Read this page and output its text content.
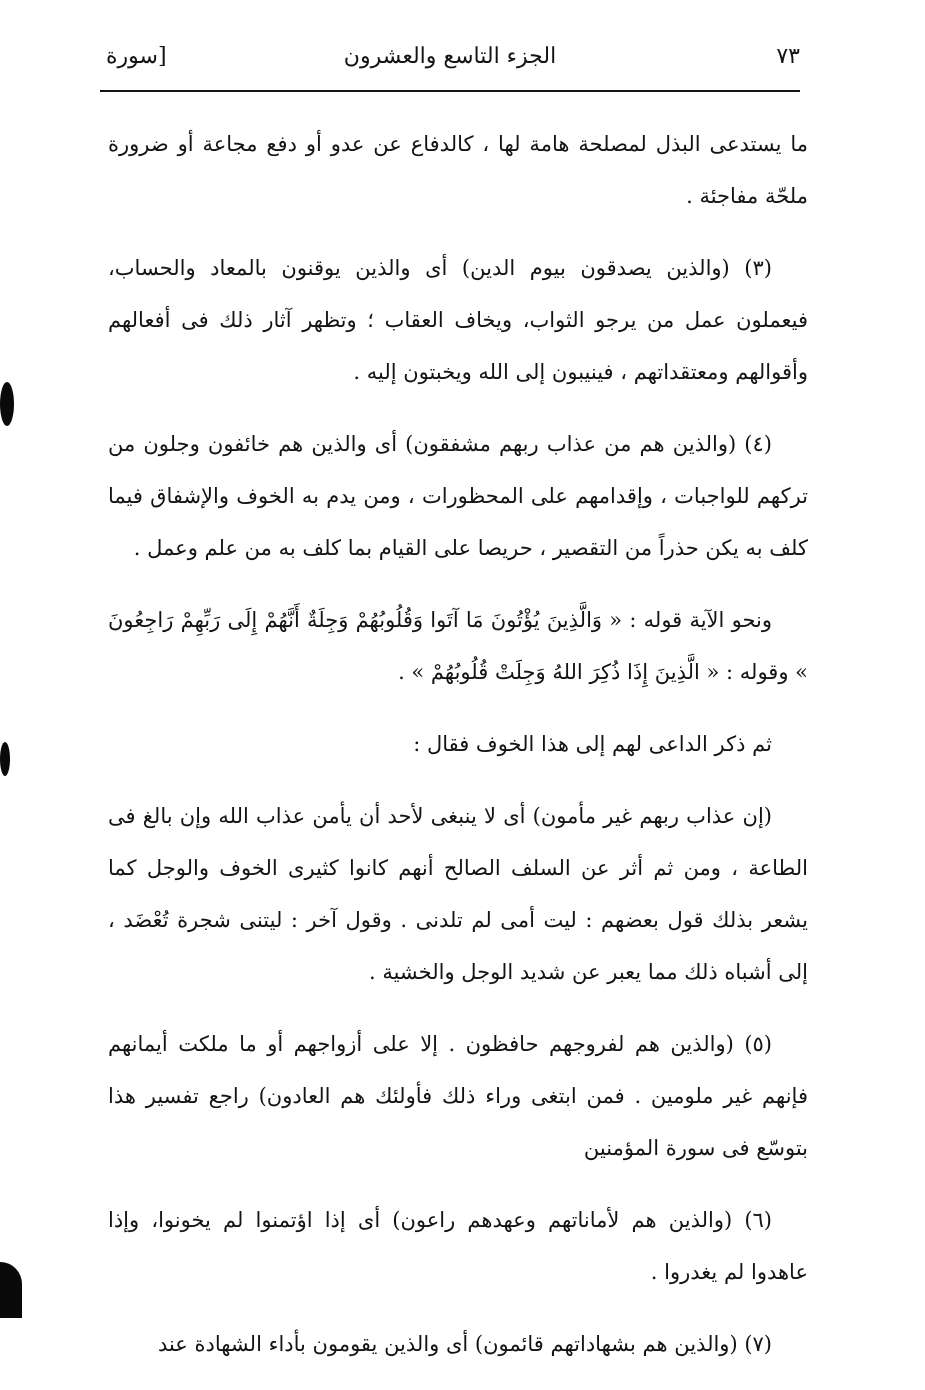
٧٣
الجزء التاسع والعشرون
[سورة

ما يستدعى البذل لمصلحة هامة لها ، كالدفاع عن عدو أو دفع مجاعة أو ضرورة ملحّة مفاجئة .

(٣) (والذين يصدقون بيوم الدين) أى والذين يوقنون بالمعاد والحساب، فيعملون عمل من يرجو الثواب، ويخاف العقاب ؛ وتظهر آثار ذلك فى أفعالهم وأقوالهم ومعتقداتهم ، فينيبون إلى الله ويخبتون إليه .

(٤) (والذين هم من عذاب ربهم مشفقون) أى والذين هم خائفون وجلون من تركهم للواجبات ، وإقدامهم على المحظورات ، ومن يدم به الخوف والإشفاق فيما كلف به يكن حذراً من التقصير ، حريصا على القيام بما كلف به من علم وعمل .

ونحو الآية قوله : « وَالَّذِينَ يُؤْتُونَ مَا آتَوا وَقُلُوبُهُمْ وَجِلَةٌ أَنَّهُمْ إِلَى رَبِّهِمْ رَاجِعُونَ » وقوله : « الَّذِينَ إِذَا ذُكِرَ اللهُ وَجِلَتْ قُلُوبُهُمْ » .

ثم ذكر الداعى لهم إلى هذا الخوف فقال :

(إن عذاب ربهم غير مأمون) أى لا ينبغى لأحد أن يأمن عذاب الله وإن بالغ فى الطاعة ، ومن ثم أثر عن السلف الصالح أنهم كانوا كثيرى الخوف والوجل كما يشعر بذلك قول بعضهم : ليت أمى لم تلدنى . وقول آخر : ليتنى شجرة تُعْضَد ، إلى أشباه ذلك مما يعبر عن شديد الوجل والخشية .

(٥) (والذين هم لفروجهم حافظون . إلا على أزواجهم أو ما ملكت أيمانهم فإنهم غير ملومين . فمن ابتغى وراء ذلك فأولئك هم العادون) راجع تفسير هذا بتوسّع فى سورة المؤمنين

(٦) (والذين هم لأماناتهم وعهدهم راعون) أى إذا اؤتمنوا لم يخونوا، وإذا عاهدوا لم يغدروا .

(٧) (والذين هم بشهاداتهم قائمون) أى والذين يقومون بأداء الشهادة عند
